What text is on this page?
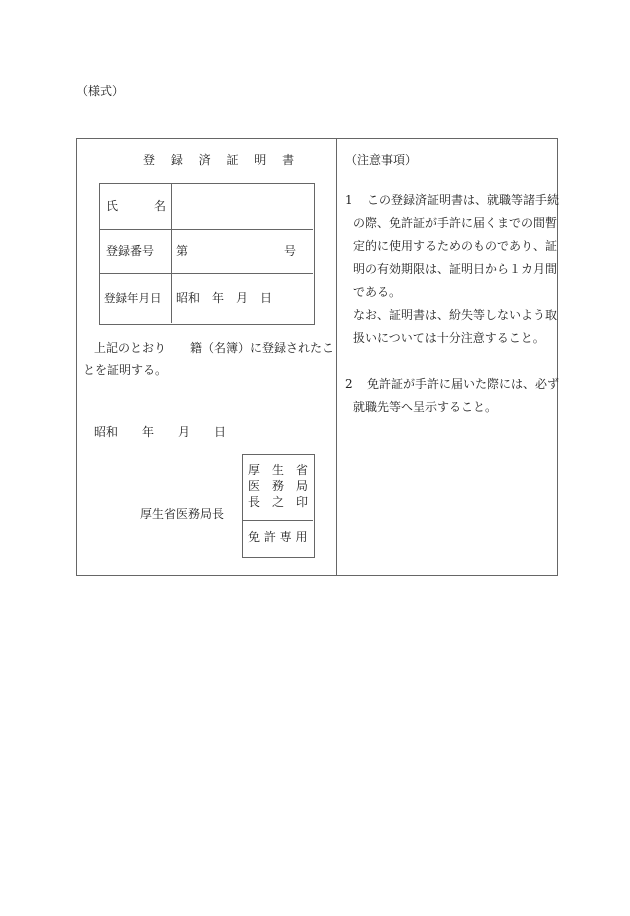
（様式）
登 録 済 証 明 書
氏　　　名
登録番号 第　　　　　　　　号
登録年月日 昭和　年　月　日
上記のとおり　　籍（名簿）に登録されたこ
とを証明する。
昭和　　年　　月　　日
厚生省医務局長
厚　生　省
医　務　局
長　之　印
免 許 専 用
（注意事項）
1 この登録済証明書は、就職等諸手続
の際、免許証が手許に届くまでの間暫
定的に使用するためのものであり、証
明の有効期限は、証明日から１カ月間
である。
なお、証明書は、紛失等しないよう取
扱いについては十分注意すること。
2 免許証が手許に届いた際には、必ず
就職先等へ呈示すること。
